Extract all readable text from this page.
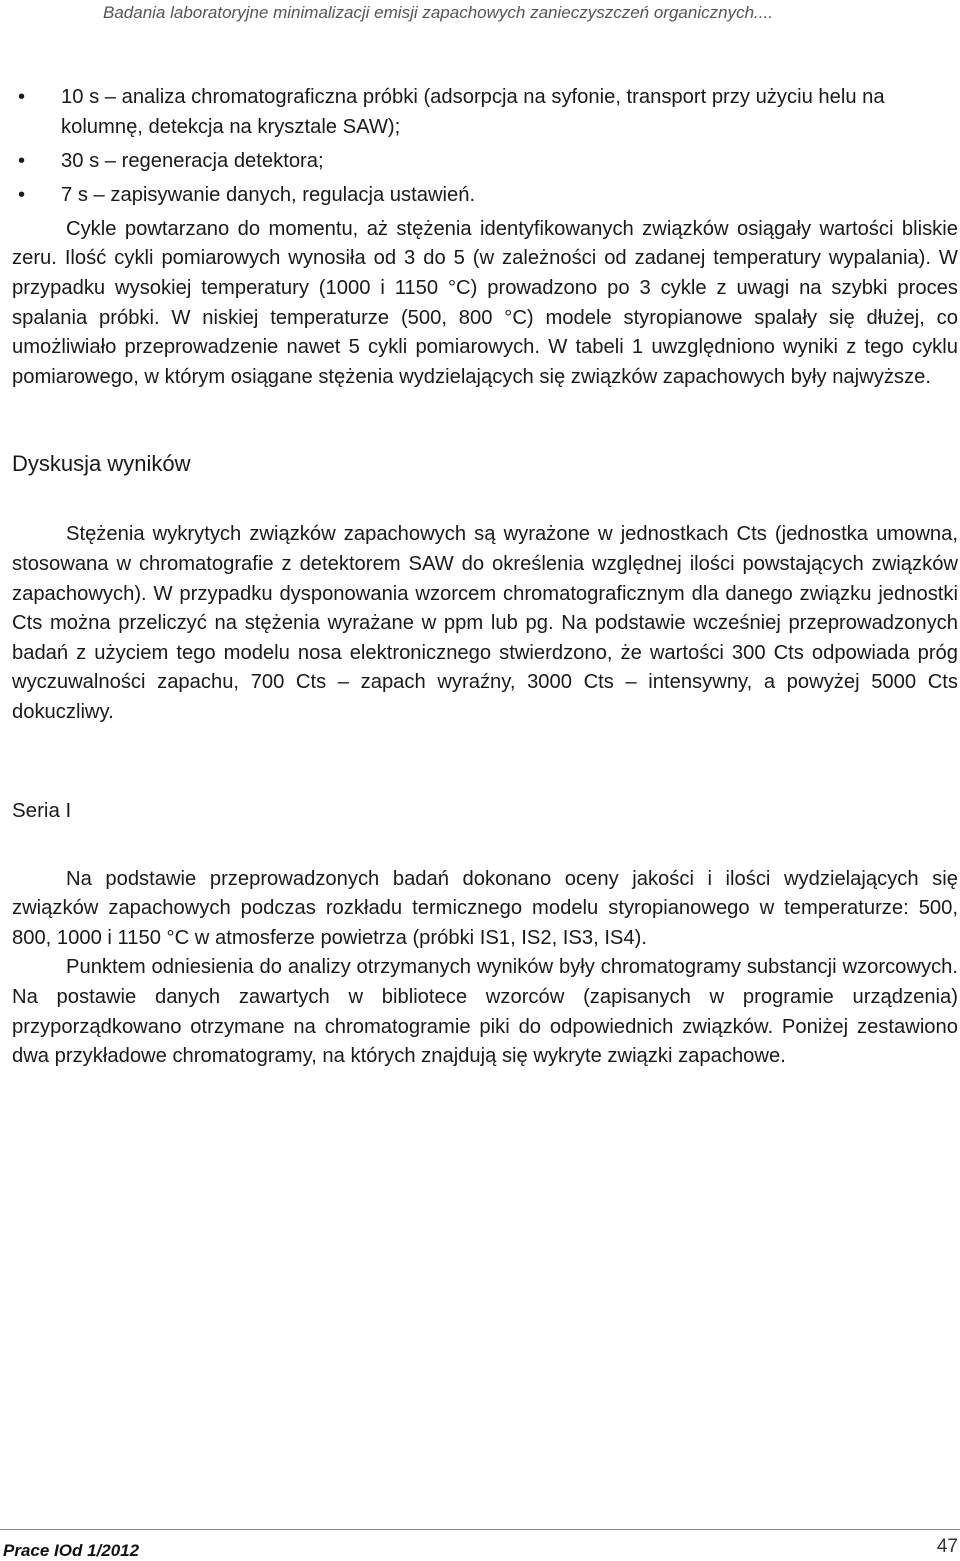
Badania laboratoryjne minimalizacji emisji zapachowych zanieczyszczeń organicznych....
• 10 s – analiza chromatograficzna próbki (adsorpcja na syfonie, transport przy użyciu helu na kolumnę, detekcja na krysztale SAW);
• 30 s – regeneracja detektora;
• 7 s – zapisywanie danych, regulacja ustawień.

Cykle powtarzano do momentu, aż stężenia identyfikowanych związków osiągały wartości bliskie zeru. Ilość cykli pomiarowych wynosiła od 3 do 5 (w zależności od zadanej temperatury wypalania). W przypadku wysokiej temperatury (1000 i 1150 °C) prowadzono po 3 cykle z uwagi na szybki proces spalania próbki. W niskiej temperaturze (500, 800 °C) modele styropianowe spalały się dłużej, co umożliwiało przeprowadzenie nawet 5 cykli pomiarowych. W tabeli 1 uwzględniono wyniki z tego cyklu pomiarowego, w którym osiągane stężenia wydzielających się związków zapachowych były najwyższe.

Dyskusja wyników

Stężenia wykrytych związków zapachowych są wyrażone w jednostkach Cts (jednostka umowna, stosowana w chromatografie z detektorem SAW do określenia względnej ilości powstających związków zapachowych). W przypadku dysponowania wzorcem chromatograficznym dla danego związku jednostki Cts można przeliczyć na stężenia wyrażane w ppm lub pg. Na podstawie wcześniej przeprowadzonych badań z użyciem tego modelu nosa elektronicznego stwierdzono, że wartości 300 Cts odpowiada próg wyczuwalności zapachu, 700 Cts – zapach wyraźny, 3000 Cts – intensywny, a powyżej 5000 Cts dokuczliwy.

Seria I

Na podstawie przeprowadzonych badań dokonano oceny jakości i ilości wydzielających się związków zapachowych podczas rozkładu termicznego modelu styropianowego w temperaturze: 500, 800, 1000 i 1150 °C w atmosferze powietrza (próbki IS1, IS2, IS3, IS4).

Punktem odniesienia do analizy otrzymanych wyników były chromatogramy substancji wzorcowych. Na postawie danych zawartych w bibliotece wzorców (zapisanych w programie urządzenia) przyporządkowano otrzymane na chromatogramie piki do odpowiednich związków. Poniżej zestawiono dwa przykładowe chromatogramy, na których znajdują się wykryte związki zapachowe.

Prace IOd 1/2012	47
